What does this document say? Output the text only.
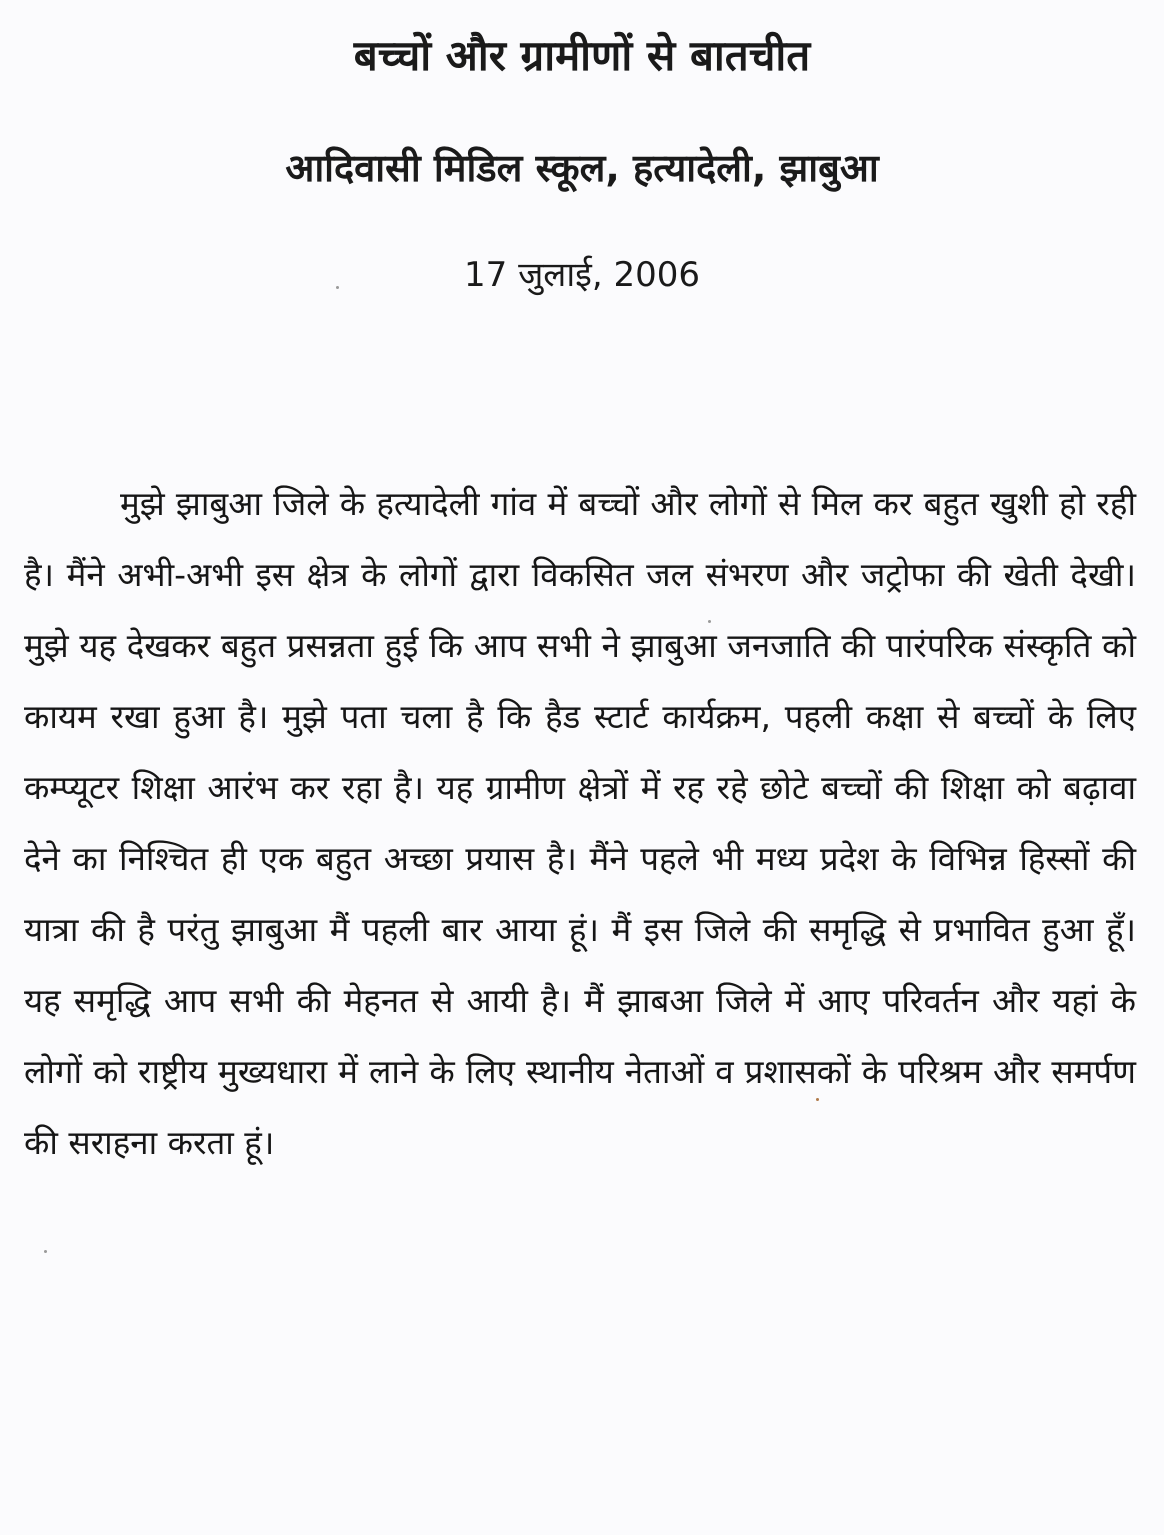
बच्चों और ग्रामीणों से बातचीत
आदिवासी मिडिल स्कूल, हत्यादेली, झाबुआ
17 जुलाई, 2006

मुझे झाबुआ जिले के हत्यादेली गांव में बच्चों और लोगों से मिल कर बहुत खुशी हो रही है। मैंने अभी-अभी इस क्षेत्र के लोगों द्वारा विकसित जल संभरण और जट्रोफा की खेती देखी। मुझे यह देखकर बहुत प्रसन्नता हुई कि आप सभी ने झाबुआ जनजाति की पारंपरिक संस्कृति को कायम रखा हुआ है। मुझे पता चला है कि हैड स्टार्ट कार्यक्रम, पहली कक्षा से बच्चों के लिए कम्प्यूटर शिक्षा आरंभ कर रहा है। यह ग्रामीण क्षेत्रों में रह रहे छोटे बच्चों की शिक्षा को बढ़ावा देने का निश्चित ही एक बहुत अच्छा प्रयास है। मैंने पहले भी मध्य प्रदेश के विभिन्न हिस्सों की यात्रा की है परंतु झाबुआ मैं पहली बार आया हूं। मैं इस जिले की समृद्धि से प्रभावित हुआ हूँ। यह समृद्धि आप सभी की मेहनत से आयी है। मैं झाबआ जिले में आए परिवर्तन और यहां के लोगों को राष्ट्रीय मुख्यधारा में लाने के लिए स्थानीय नेताओं व प्रशासकों के परिश्रम और समर्पण की सराहना करता हूं।
